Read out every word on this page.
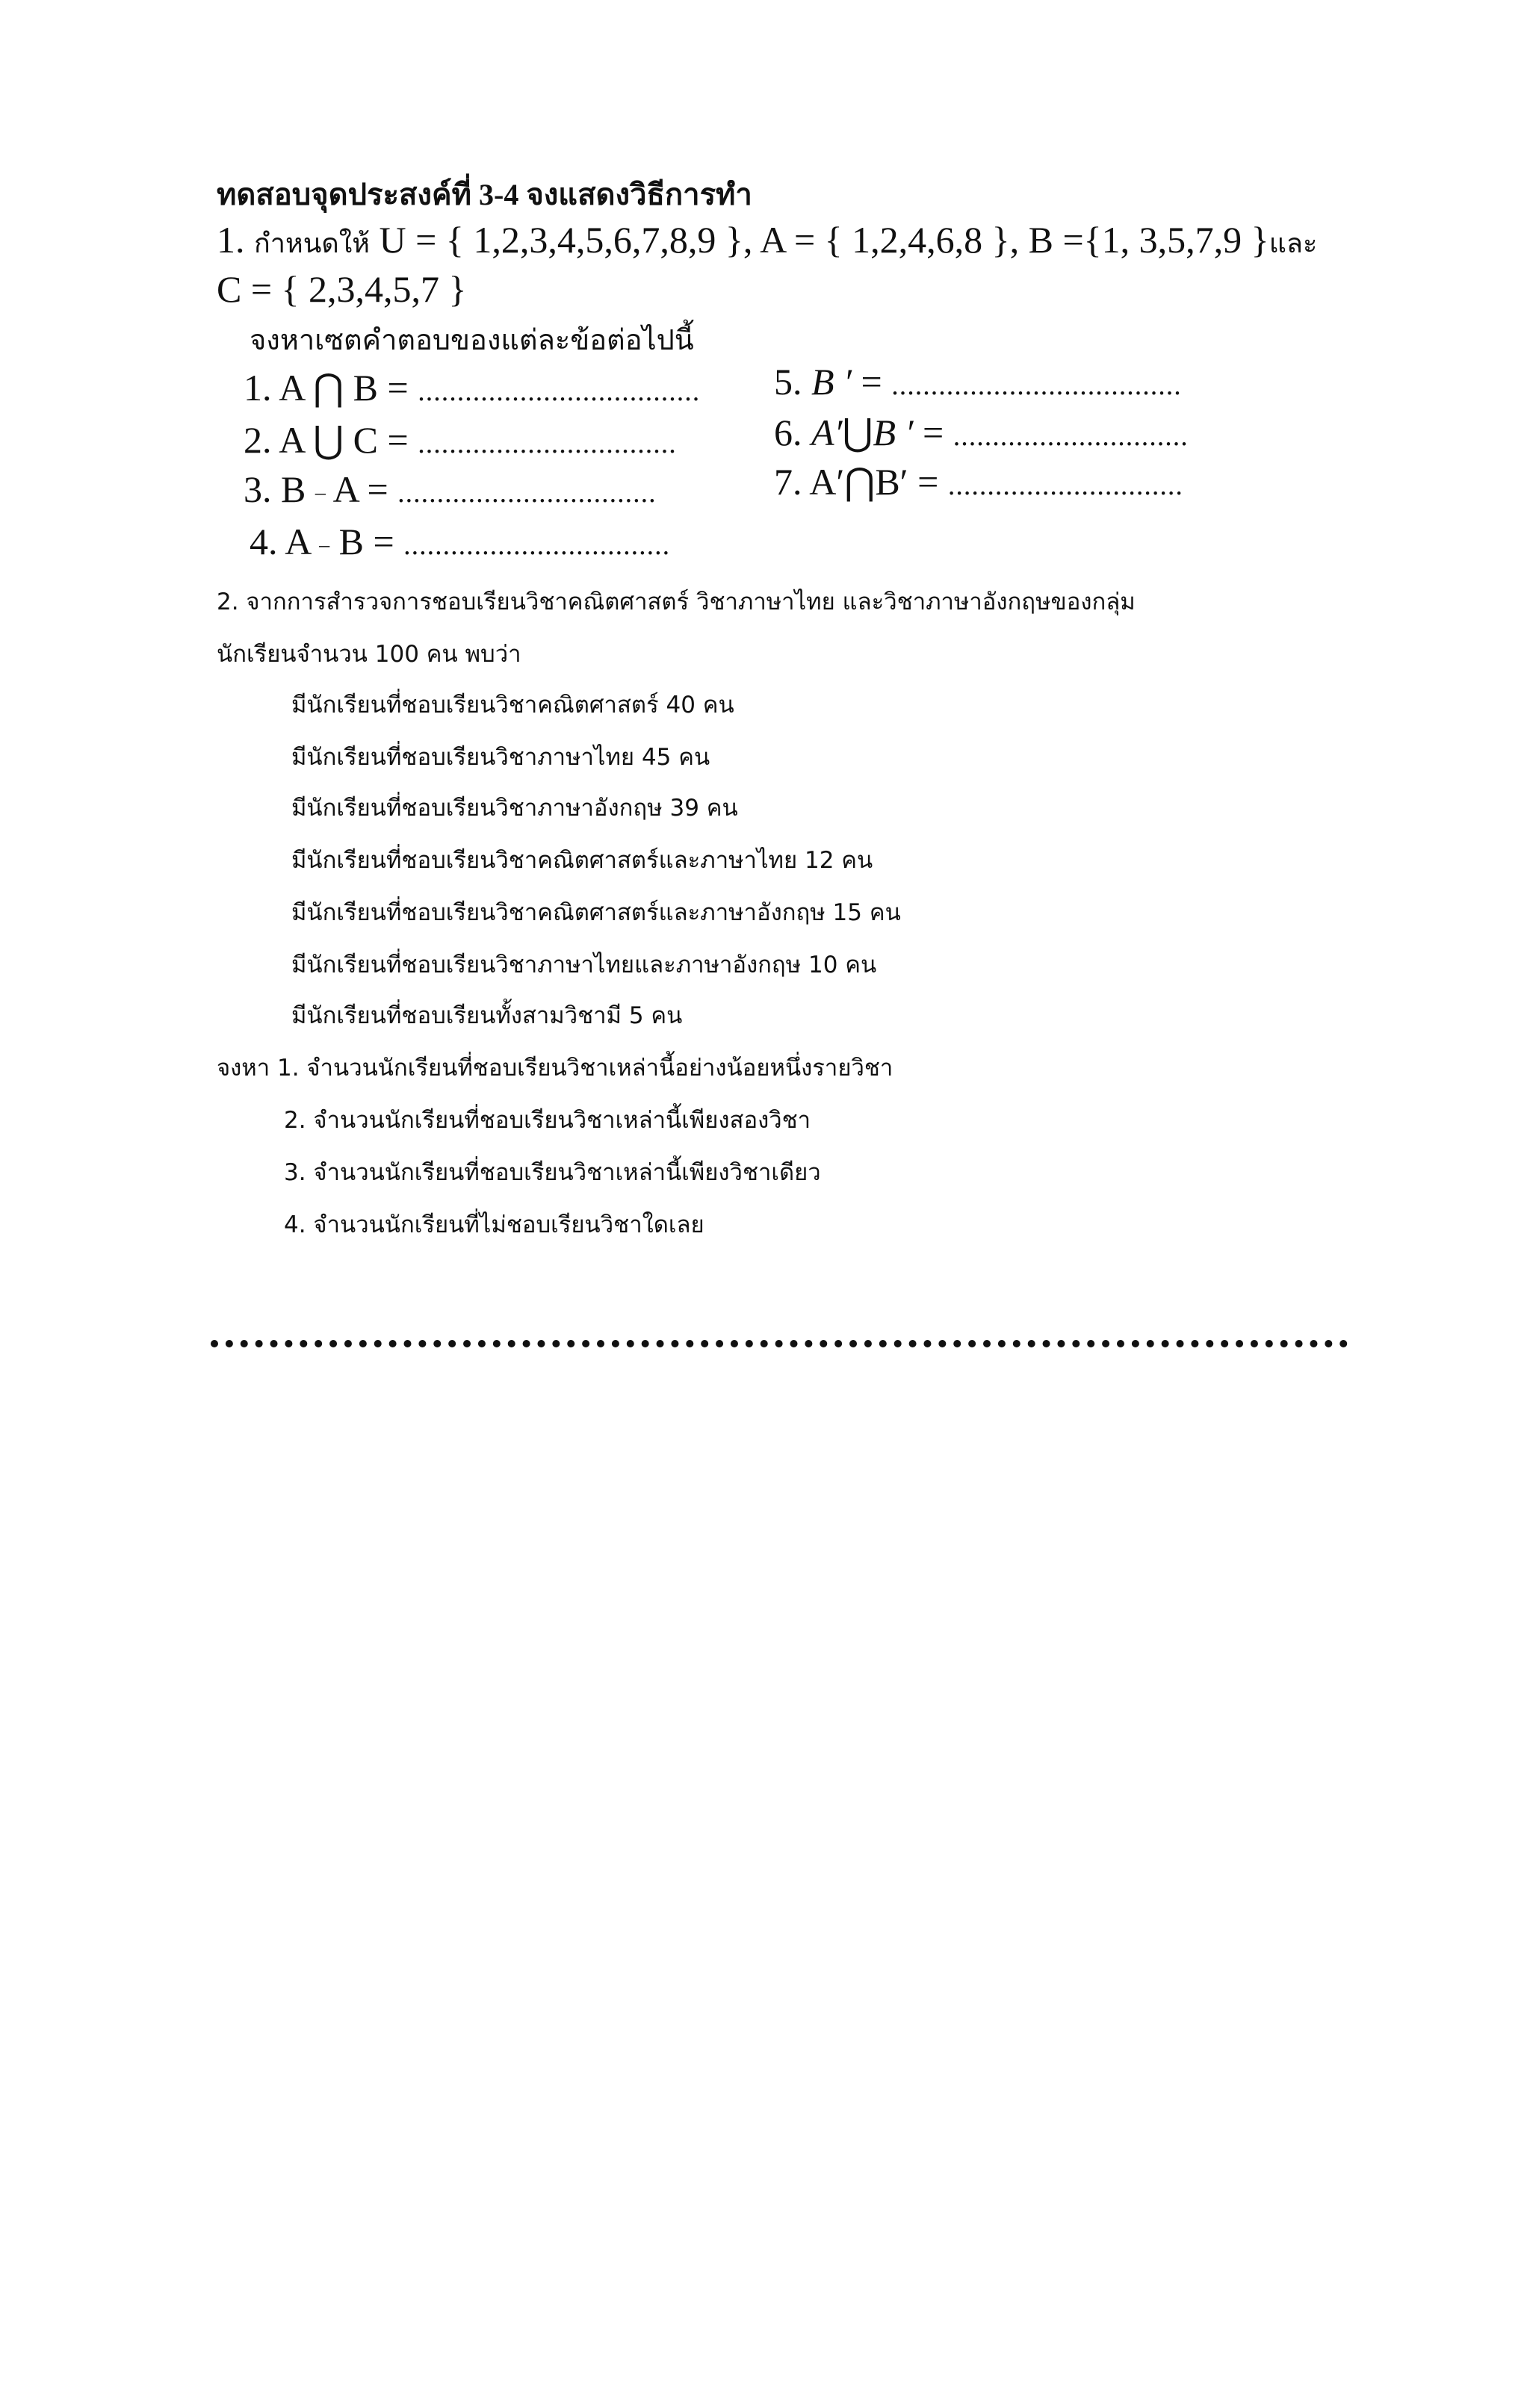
ทดสอบจุดประสงค์ที่ 3-4 จงแสดงวิธีการทำ

1. กำหนดให้ U = { 1,2,3,4,5,6,7,8,9 }, A = { 1,2,4,6,8 }, B ={1, 3,5,7,9 }และ

C = { 2,3,4,5,7 }

จงหาเซตคำตอบของแต่ละข้อต่อไปนี้

1. A ⋂ B = ....................................

2. A ⋃ C = .................................

3. B – A = .................................

4. A – B = ..................................

5. B ′ = .....................................

6. A′⋃B ′ = ..............................

7. A′⋂B′ = ..............................

2. จากการสำรวจการชอบเรียนวิชาคณิตศาสตร์ วิชาภาษาไทย และวิชาภาษาอังกฤษของกลุ่ม

นักเรียนจำนวน 100 คน พบว่า

มีนักเรียนที่ชอบเรียนวิชาคณิตศาสตร์ 40 คน

มีนักเรียนที่ชอบเรียนวิชาภาษาไทย 45 คน

มีนักเรียนที่ชอบเรียนวิชาภาษาอังกฤษ 39 คน

มีนักเรียนที่ชอบเรียนวิชาคณิตศาสตร์และภาษาไทย 12 คน

มีนักเรียนที่ชอบเรียนวิชาคณิตศาสตร์และภาษาอังกฤษ 15 คน

มีนักเรียนที่ชอบเรียนวิชาภาษาไทยและภาษาอังกฤษ 10 คน

มีนักเรียนที่ชอบเรียนทั้งสามวิชามี 5 คน

จงหา 1. จำนวนนักเรียนที่ชอบเรียนวิชาเหล่านี้อย่างน้อยหนึ่งรายวิชา

2. จำนวนนักเรียนที่ชอบเรียนวิชาเหล่านี้เพียงสองวิชา

3. จำนวนนักเรียนที่ชอบเรียนวิชาเหล่านี้เพียงวิชาเดียว

4. จำนวนนักเรียนที่ไม่ชอบเรียนวิชาใดเลย
